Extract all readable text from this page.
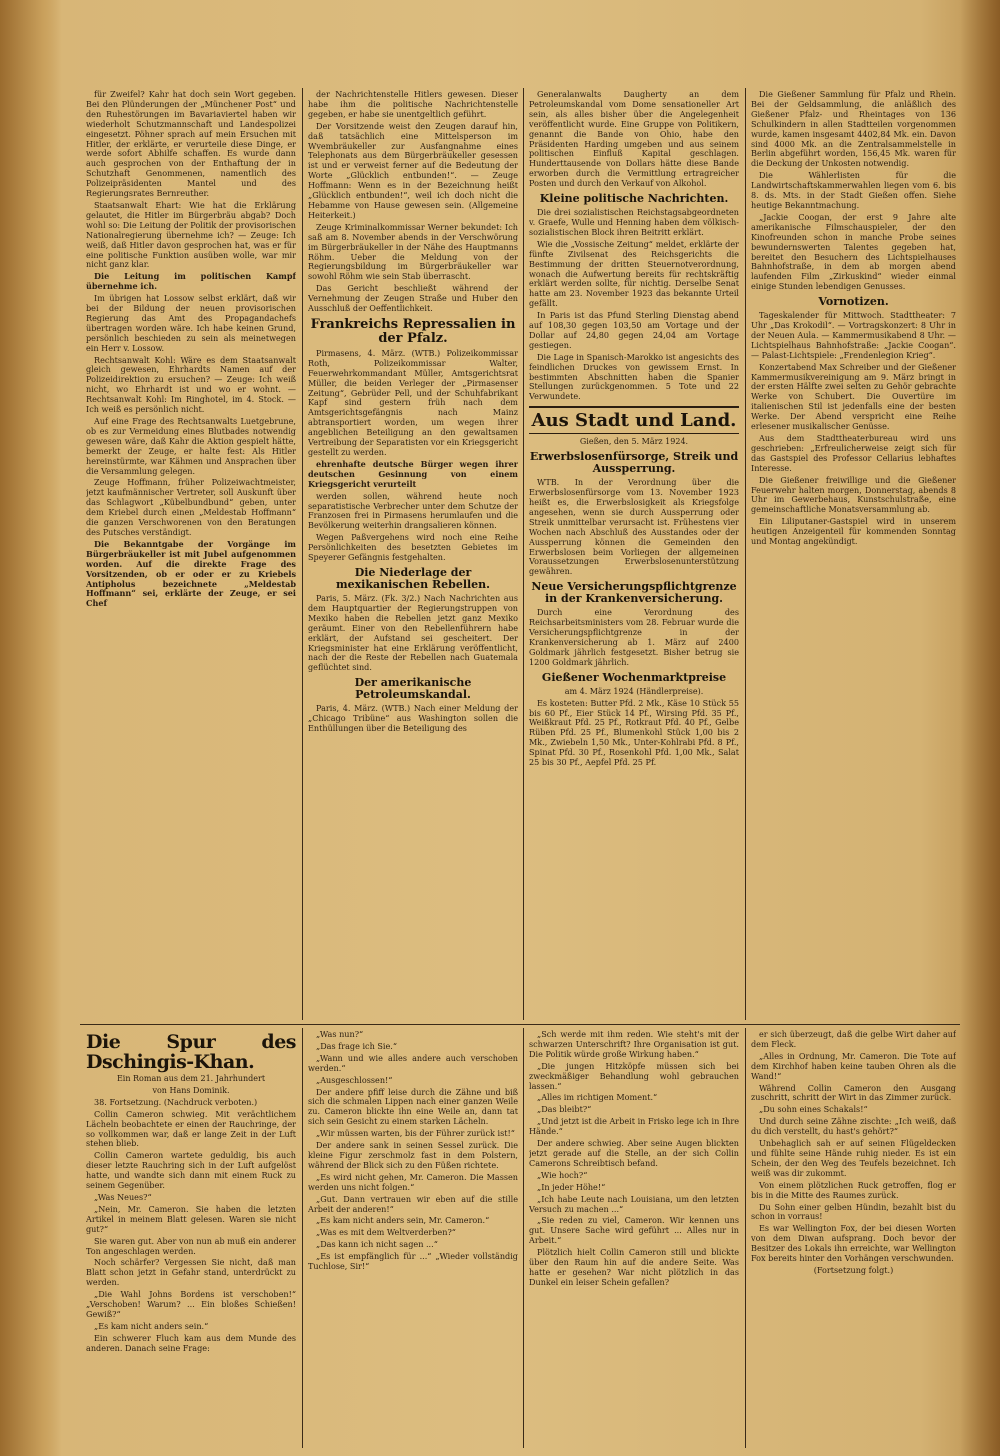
für Zweifel? Kahr hat doch sein Wort gegeben. Bei den Plünderungen der „Münchener Post“ und den Ruhestörungen im Bavariaviertel haben wir wiederholt Schutzmannschaft und Landespolizei eingesetzt. Pöhner sprach auf mein Ersuchen mit Hitler, der erklärte, er verurteile diese Dinge, er werde sofort Abhilfe schaffen. Es wurde dann auch gesprochen von der Enthaftung der in Schutzhaft Genommenen, namentlich des Polizeipräsidenten Mantel und des Regierungsrates Bernreuther.

Staatsanwalt Ehart: Wie hat die Erklärung gelautet, die Hitler im Bürgerbräu abgab? Doch wohl so: Die Leitung der Politik der provisorischen Nationalregierung übernehme ich? — Zeuge: Ich weiß, daß Hitler davon gesprochen hat, was er für eine politische Funktion ausüben wolle, war mir nicht ganz klar.

Die Leitung im politischen Kampf übernehme ich.

Im übrigen hat Lossow selbst erklärt, daß wir bei der Bildung der neuen provisorischen Regierung das Amt des Propagandachefs übertragen worden wäre. Ich habe keinen Grund, persönlich beschieden zu sein als meinetwegen ein Herr v. Lossow.

Rechtsanwalt Kohl: Wäre es dem Staatsanwalt gleich gewesen, Ehrhardts Namen auf der Polizeidirektion zu ersuchen? — Zeuge: Ich weiß nicht, wo Ehrhardt ist und wo er wohnt. — Rechtsanwalt Kohl: Im Ringhotel, im 4. Stock. — Ich weiß es persönlich nicht.

Auf eine Frage des Rechtsanwalts Luetgebrune, ob es zur Vermeidung eines Blutbades notwendig gewesen wäre, daß Kahr die Aktion gespielt hätte, bemerkt der Zeuge, er halte fest: Als Hitler hereinstürmte, war Kähmen und Ansprachen über die Versammlung gelegen.

Zeuge Hoffmann, früher Polizeiwachtmeister, jetzt kaufmännischer Vertreter, soll Auskunft über das Schlagwort „Kübelbundbund“ geben, unter dem Kriebel durch einen „Meldestab Hoffmann“ die ganzen Verschworenen von den Beratungen des Putsches verständigt.

Die Bekanntgabe der Vorgänge im Bürgerbräukeller ist mit Jubel aufgenommen worden. Auf die direkte Frage des Vorsitzenden, ob er oder er zu Kriebels Antipholus bezeichnete „Meldestab Hoffmann“ sei, erklärte der Zeuge, er sei Chef

der Nachrichtenstelle Hitlers gewesen. Dieser habe ihm die politische Nachrichtenstelle gegeben, er habe sie unentgeltlich geführt.

Der Vorsitzende weist den Zeugen darauf hin, daß tatsächlich eine Mittelsperson im Wvembräukeller zur Ausfangnahme eines Telephonats aus dem Bürgerbräukeller gesessen ist und er verweist ferner auf die Bedeutung der Worte „Glücklich entbunden!“. — Zeuge Hoffmann: Wenn es in der Bezeichnung heißt „Glücklich entbunden!“, weil ich doch nicht die Hebamme von Hause gewesen sein. (Allgemeine Heiterkeit.)

Zeuge Kriminalkommissar Werner bekundet: Ich saß am 8. November abends in der Verschwörung im Bürgerbräukeller in der Nähe des Hauptmanns Röhm. Ueber die Meldung von der Regierungsbildung im Bürgerbräukeller war sowohl Röhm wie sein Stab überrascht.

Das Gericht beschließt während der Vernehmung der Zeugen Straße und Huber den Ausschluß der Oeffentlichkeit.

Frankreichs Repressalien in der Pfalz.

Pirmasens, 4. März. (WTB.) Polizeikommissar Roth, Polizeikommissar Walter, Feuerwehrkommandant Müller, Amtsgerichtsrat Müller, die beiden Verleger der „Pirmasenser Zeitung“, Gebrüder Pell, und der Schuhfabrikant Kapf sind gestern früh nach dem Amtsgerichtsgefängnis nach Mainz abtransportiert worden, um wegen ihrer angeblichen Beteiligung an den gewaltsamen Vertreibung der Separatisten vor ein Kriegsgericht gestellt zu werden.

ehrenhafte deutsche Bürger wegen ihrer deutschen Gesinnung von einem Kriegsgericht verurteilt

werden sollen, während heute noch separatistische Verbrecher unter dem Schutze der Franzosen frei in Pirmasens herumlaufen und die Bevölkerung weiterhin drangsalieren können.

Wegen Paßvergehens wird noch eine Reihe Persönlichkeiten des besetzten Gebietes im Speyerer Gefängnis festgehalten.

Die Niederlage der mexikanischen Rebellen.

Paris, 5. März. (Fk. 3/2.) Nach Nachrichten aus dem Hauptquartier der Regierungstruppen von Mexiko haben die Rebellen jetzt ganz Mexiko geräumt. Einer von den Rebellenführern habe erklärt, der Aufstand sei gescheitert. Der Kriegsminister hat eine Erklärung veröffentlicht, nach der die Reste der Rebellen nach Guatemala geflüchtet sind.

Der amerikanische Petroleumskandal.

Paris, 4. März. (WTB.) Nach einer Meldung der „Chicago Tribüne“ aus Washington sollen die Enthüllungen über die Beteiligung des

Generalanwalts Daugherty an dem Petroleumskandal vom Dome sensationeller Art sein, als alles bisher über die Angelegenheit veröffentlicht wurde. Eine Gruppe von Politikern, genannt die Bande von Ohio, habe den Präsidenten Harding umgeben und aus seinem politischen Einfluß Kapital geschlagen. Hunderttausende von Dollars hätte diese Bande erworben durch die Vermittlung ertragreicher Posten und durch den Verkauf von Alkohol.

Kleine politische Nachrichten.

Die drei sozialistischen Reichstagsabgeordneten v. Graefe, Wulle und Henning haben dem völkisch-sozialistischen Block ihren Beitritt erklärt.

Wie die „Vossische Zeitung“ meldet, erklärte der fünfte Zivilsenat des Reichsgerichts die Bestimmung der dritten Steuernotverordnung, wonach die Aufwertung bereits für rechtskräftig erklärt werden sollte, für nichtig. Derselbe Senat hatte am 23. November 1923 das bekannte Urteil gefällt.

In Paris ist das Pfund Sterling Dienstag abend auf 108,30 gegen 103,50 am Vortage und der Dollar auf 24,80 gegen 24,04 am Vortage gestiegen.

Die Lage in Spanisch-Marokko ist angesichts des feindlichen Druckes von gewissem Ernst. In bestimmten Abschnitten haben die Spanier Stellungen zurückgenommen. 5 Tote und 22 Verwundete.

Aus Stadt und Land.
Gießen, den 5. März 1924.
Erwerbslosenfürsorge, Streik und Aussperrung.

WTB. In der Verordnung über die Erwerbslosenfürsorge vom 13. November 1923 heißt es, die Erwerbslosigkeit als Kriegsfolge angesehen, wenn sie durch Aussperrung oder Streik unmittelbar verursacht ist. Frühestens vier Wochen nach Abschluß des Ausstandes oder der Aussperrung können die Gemeinden den Erwerbslosen beim Vorliegen der allgemeinen Voraussetzungen Erwerbslosenunterstützung gewähren.

Neue Versicherungspflichtgrenze in der Krankenversicherung.

Durch eine Verordnung des Reichsarbeitsministers vom 28. Februar wurde die Versicherungspflichtgrenze in der Krankenversicherung ab 1. März auf 2400 Goldmark jährlich festgesetzt. Bisher betrug sie 1200 Goldmark jährlich.

Gießener Wochenmarktpreise
am 4. März 1924 (Händlerpreise).

Es kosteten: Butter Pfd. 2 Mk., Käse 10 Stück 55 bis 60 Pf., Eier Stück 14 Pf., Wirsing Pfd. 35 Pf., Weißkraut Pfd. 25 Pf., Rotkraut Pfd. 40 Pf., Gelbe Rüben Pfd. 25 Pf., Blumenkohl Stück 1,00 bis 2 Mk., Zwiebeln 1,50 Mk., Unter-Kohlrabi Pfd. 8 Pf., Spinat Pfd. 30 Pf., Rosenkohl Pfd. 1,00 Mk., Salat 25 bis 30 Pf., Aepfel Pfd. 25 Pf.

Die Gießener Sammlung für Pfalz und Rhein. Bei der Geldsammlung, die anläßlich des Gießener Pfalz- und Rheintages von 136 Schulkindern in allen Stadtteilen vorgenommen wurde, kamen insgesamt 4402,84 Mk. ein. Davon sind 4000 Mk. an die Zentralsammelstelle in Berlin abgeführt worden, 156,45 Mk. waren für die Deckung der Unkosten notwendig.

Die Wählerlisten für die Landwirtschaftskammerwahlen liegen vom 6. bis 8. ds. Mts. in der Stadt Gießen offen. Siehe heutige Bekanntmachung.

„Jackie Coogan, der erst 9 Jahre alte amerikanische Filmschauspieler, der den Kinofreunden schon in manche Probe seines bewundernswerten Talentes gegeben hat, bereitet den Besuchern des Lichtspielhauses Bahnhofstraße, in dem ab morgen abend laufenden Film „Zirkuskind“ wieder einmal einige Stunden lebendigen Genusses.

Vornotizen.

Tageskalender für Mittwoch. Stadttheater: 7 Uhr „Das Krokodil“. — Vortragskonzert: 8 Uhr in der Neuen Aula. — Kammermusikabend 8 Uhr. — Lichtspielhaus Bahnhofstraße: „Jackie Coogan“. — Palast-Lichtspiele: „Frendenlegion Krieg“.

Konzertabend Max Schreiber und der Gießener Kammermusikvereinigung am 9. März bringt in der ersten Hälfte zwei selten zu Gehör gebrachte Werke von Schubert. Die Ouvertüre im italienischen Stil ist jedenfalls eine der besten Werke. Der Abend verspricht eine Reihe erlesener musikalischer Genüsse.

Aus dem Stadttheaterbureau wird uns geschrieben: „Erfreulicherweise zeigt sich für das Gastspiel des Professor Cellarius lebhaftes Interesse.

Die Gießener freiwillige und die Gießener Feuerwehr halten morgen, Donnerstag, abends 8 Uhr im Gewerbehaus, Kunstschulstraße, eine gemeinschaftliche Monatsversammlung ab.

Ein Liliputaner-Gastspiel wird in unserem heutigen Anzeigenteil für kommenden Sonntag und Montag angekündigt.

Die Spur des Dschingis-Khan.
Ein Roman aus dem 21. Jahrhundert
von Hans Dominik.

38. Fortsetzung. (Nachdruck verboten.)

Collin Cameron schwieg. Mit verächtlichem Lächeln beobachtete er einen der Rauchringe, der so vollkommen war, daß er lange Zeit in der Luft stehen blieb.

Collin Cameron wartete geduldig, bis auch dieser letzte Rauchring sich in der Luft aufgelöst hatte, und wandte sich dann mit einem Ruck zu seinem Gegenüber.

„Was Neues?“

„Nein, Mr. Cameron. Sie haben die letzten Artikel in meinem Blatt gelesen. Waren sie nicht gut?“

Sie waren gut. Aber von nun ab muß ein anderer Ton angeschlagen werden.

Noch schärfer? Vergessen Sie nicht, daß man Blatt schon jetzt in Gefahr stand, unterdrückt zu werden.

„Die Wahl Johns Bordens ist verschoben!“ „Verschoben! Warum? ... Ein bloßes Schießen! Gewiß?“

„Es kam nicht anders sein.“

Ein schwerer Fluch kam aus dem Munde des anderen. Danach seine Frage:

„Was nun?“

„Das frage ich Sie.“

„Wann und wie alles andere auch verschoben werden.“

„Ausgeschlossen!“

Der andere pfiff leise durch die Zähne und biß sich die schmalen Lippen nach einer ganzen Weile zu. Cameron blickte ihn eine Weile an, dann tat sich sein Gesicht zu einem starken Lächeln.

„Wir müssen warten, bis der Führer zurück ist!“

Der andere sank in seinen Sessel zurück. Die kleine Figur zerschmolz fast in dem Polstern, während der Blick sich zu den Füßen richtete.

„Es wird nicht gehen, Mr. Cameron. Die Massen werden uns nicht folgen.“

„Gut. Dann vertrauen wir eben auf die stille Arbeit der anderen!“

„Es kam nicht anders sein, Mr. Cameron.“

„Was es mit dem Weltverderben?“

„Das kann ich nicht sagen ...“

„Es ist empfänglich für ...“ „Wieder vollständig Tuchlose, Sir!“

„Sch werde mit ihm reden. Wie steht's mit der schwarzen Unterschrift? Ihre Organisation ist gut. Die Politik würde große Wirkung haben.“

„Die jungen Hitzköpfe müssen sich bei zweckmäßiger Behandlung wohl gebrauchen lassen.“

„Alles im richtigen Moment.“

„Das bleibt?“

„Und jetzt ist die Arbeit in Frisko lege ich in Ihre Hände.“

Der andere schwieg. Aber seine Augen blickten jetzt gerade auf die Stelle, an der sich Collin Camerons Schreibtisch befand.

„Wie hoch?“

„In jeder Höhe!“

„Ich habe Leute nach Louisiana, um den letzten Versuch zu machen ...“

„Sie reden zu viel, Cameron. Wir kennen uns gut. Unsere Sache wird geführt ... Alles nur in Arbeit.“

Plötzlich hielt Collin Cameron still und blickte über den Raum hin auf die andere Seite. Was hatte er gesehen? War nicht plötzlich in das Dunkel ein leiser Schein gefallen?

er sich überzeugt, daß die gelbe Wirt daher auf dem Fleck.

„Alles in Ordnung, Mr. Cameron. Die Tote auf dem Kirchhof haben keine tauben Ohren als die Wand!“

Während Collin Cameron den Ausgang zuschritt, schritt der Wirt in das Zimmer zurück.

„Du sohn eines Schakals!“

Und durch seine Zähne zischte: „Ich weiß, daß du dich verstellt, du hast's gehört?“

Unbehaglich sah er auf seinen Flügeldecken und fühlte seine Hände ruhig nieder. Es ist ein Schein, der den Weg des Teufels bezeichnet. Ich weiß was dir zukommt.

Von einem plötzlichen Ruck getroffen, flog er bis in die Mitte des Raumes zurück.

Du Sohn einer gelben Hündin, bezahlt bist du schon in vorraus!

Es war Wellington Fox, der bei diesen Worten von dem Diwan aufsprang. Doch bevor der Besitzer des Lokals ihn erreichte, war Wellington Fox bereits hinter den Vorhängen verschwunden.

(Fortsetzung folgt.)
